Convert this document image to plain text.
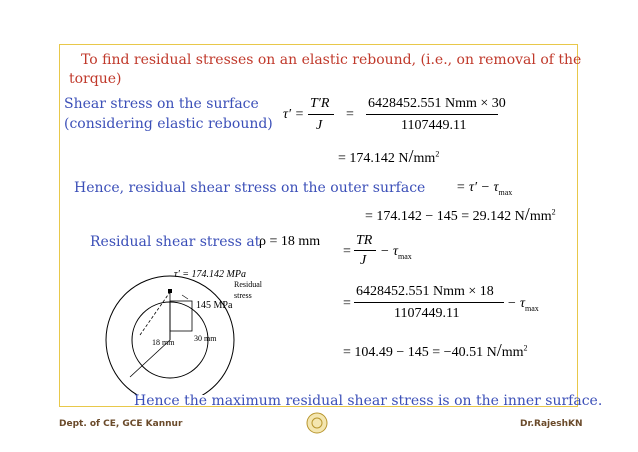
To find residual stresses on an elastic rebound, (i.e., on removal of the
torque)
Shear stress on the surface
(considering elastic rebound)
τ′ =
T′R
J
=
6428452.551 Nmm × 30
1107449.11
= 174.142 $N/mm^2$
Hence, residual shear stress on the outer surface = $\tau' - \tau_{max}$
= 174.142 − 145 = 29.142 $N/mm^2$
Residual shear stress at
ρ = 18 mm
=
TR
J
− $\tau_{max}$
=
6428452.551 Nmm × 18
1107449.11
− $\tau_{max}$
= 104.49 − 145 = −40.51 $N/mm^2$
τ′ = 174.142 MPa
Residual
stress
145 MPa
18 mm 30 mm
Hence the maximum residual shear stress is on the inner surface.
Dept. of CE, GCE Kannur	Dr.RajeshKN
